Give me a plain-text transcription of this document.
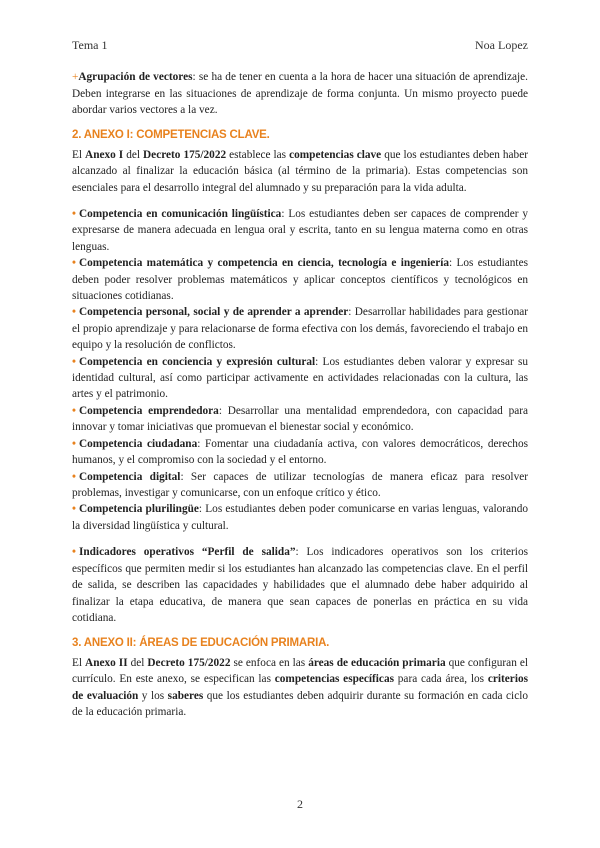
Tema 1	Noa Lopez

+Agrupación de vectores: se ha de tener en cuenta a la hora de hacer una situación de aprendizaje. Deben integrarse en las situaciones de aprendizaje de forma conjunta. Un mismo proyecto puede abordar varios vectores a la vez.

2. ANEXO I: COMPETENCIAS CLAVE.

El Anexo I del Decreto 175/2022 establece las competencias clave que los estudiantes deben haber alcanzado al finalizar la educación básica (al término de la primaria). Estas competencias son esenciales para el desarrollo integral del alumnado y su preparación para la vida adulta.

• Competencia en comunicación lingüística: Los estudiantes deben ser capaces de comprender y expresarse de manera adecuada en lengua oral y escrita, tanto en su lengua materna como en otras lenguas.

• Competencia matemática y competencia en ciencia, tecnología e ingeniería: Los estudiantes deben poder resolver problemas matemáticos y aplicar conceptos científicos y tecnológicos en situaciones cotidianas.

• Competencia personal, social y de aprender a aprender: Desarrollar habilidades para gestionar el propio aprendizaje y para relacionarse de forma efectiva con los demás, favoreciendo el trabajo en equipo y la resolución de conflictos.

• Competencia en conciencia y expresión cultural: Los estudiantes deben valorar y expresar su identidad cultural, así como participar activamente en actividades relacionadas con la cultura, las artes y el patrimonio.

• Competencia emprendedora: Desarrollar una mentalidad emprendedora, con capacidad para innovar y tomar iniciativas que promuevan el bienestar social y económico.

• Competencia ciudadana: Fomentar una ciudadanía activa, con valores democráticos, derechos humanos, y el compromiso con la sociedad y el entorno.

• Competencia digital: Ser capaces de utilizar tecnologías de manera eficaz para resolver problemas, investigar y comunicarse, con un enfoque crítico y ético.

• Competencia plurilingüe: Los estudiantes deben poder comunicarse en varias lenguas, valorando la diversidad lingüística y cultural.

• Indicadores operativos “Perfil de salida”: Los indicadores operativos son los criterios específicos que permiten medir si los estudiantes han alcanzado las competencias clave. En el perfil de salida, se describen las capacidades y habilidades que el alumnado debe haber adquirido al finalizar la etapa educativa, de manera que sean capaces de ponerlas en práctica en su vida cotidiana.

3. ANEXO II: ÁREAS DE EDUCACIÓN PRIMARIA.

El Anexo II del Decreto 175/2022 se enfoca en las áreas de educación primaria que configuran el currículo. En este anexo, se especifican las competencias específicas para cada área, los criterios de evaluación y los saberes que los estudiantes deben adquirir durante su formación en cada ciclo de la educación primaria.

2
